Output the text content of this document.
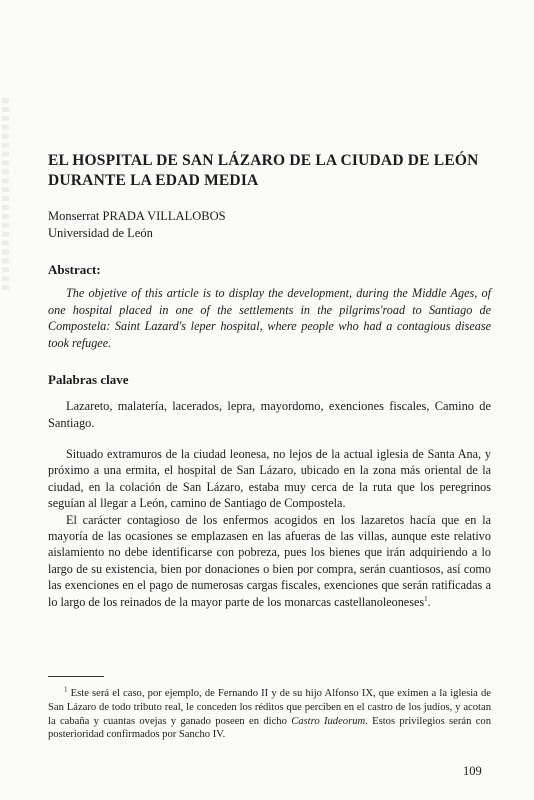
▒ ▒ ▒ ▒ ▒ ▒ ▒ ▒ ▒ ▒ ▒ ▒ ▒ ▒ ▒ ▒ ▒ ▒ ▒ ▒ ▒ ▒	EL HOSPITAL DE SAN LÁZARO DE LA CIUDAD DE LEÓN DURANTE LA EDAD MEDIA
Monserrat PRADA VILLALOBOS
Universidad de León
Abstract:

The objetive of this article is to display the development, during the Middle Ages, of one hospital placed in one of the settlements in the pilgrims'road to Santiago de Compostela: Saint Lazard's leper hospital, where people who had a contagious disease took refugee.

Palabras clave

Lazareto, malatería, lacerados, lepra, mayordomo, exenciones fiscales, Camino de Santiago.

Situado extramuros de la ciudad leonesa, no lejos de la actual iglesia de Santa Ana, y próximo a una ermita, el hospital de San Lázaro, ubicado en la zona más oriental de la ciudad, en la colación de San Lázaro, estaba muy cerca de la ruta que los peregrinos seguían al llegar a León, camino de Santiago de Compostela.

El carácter contagioso de los enfermos acogidos en los lazaretos hacía que en la mayoría de las ocasiones se emplazasen en las afueras de las villas, aunque este relativo aislamiento no debe identificarse con pobreza, pues los bienes que irán adquiriendo a lo largo de su existencia, bien por donaciones o bien por compra, serán cuantiosos, así como las exenciones en el pago de numerosas cargas fiscales, exenciones que serán ratificadas a lo largo de los reinados de la mayor parte de los monarcas castellanoleoneses$^1$.

$^1$ Este será el caso, por ejemplo, de Fernando II y de su hijo Alfonso IX, que eximen a la iglesia de San Lázaro de todo tributo real, le conceden los réditos que perciben en el castro de los judíos, y acotan la cabaña y cuantas ovejas y ganado poseen en dicho Castro Iudeorum. Estos privilegios serán con posterioridad confirmados por Sancho IV.

109
